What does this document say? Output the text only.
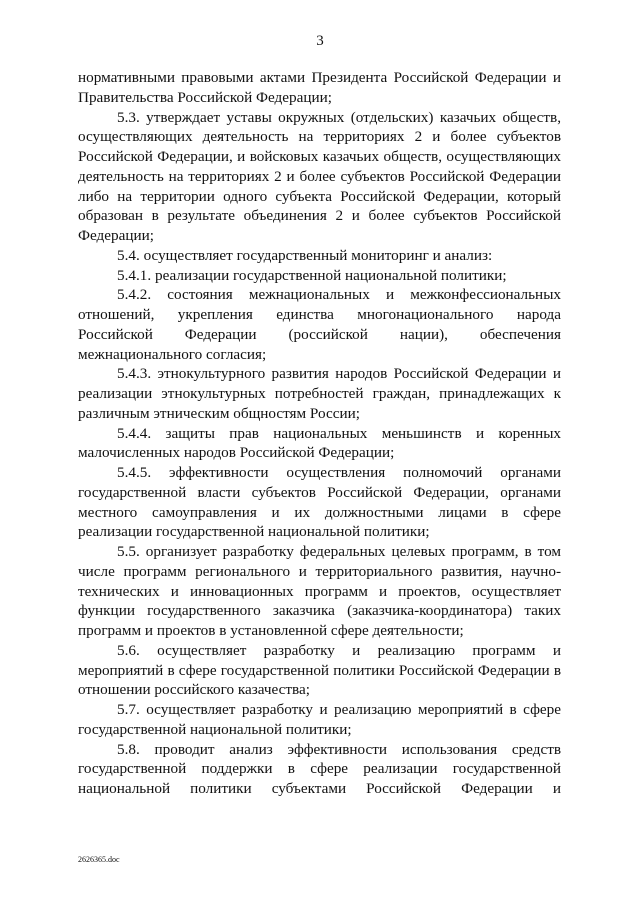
3

нормативными правовыми актами Президента Российской Федерации и Правительства Российской Федерации;

5.3. утверждает уставы окружных (отдельских) казачьих обществ, осуществляющих деятельность на территориях 2 и более субъектов Российской Федерации, и войсковых казачьих обществ, осуществляющих деятельность на территориях 2 и более субъектов Российской Федерации либо на территории одного субъекта Российской Федерации, который образован в результате объединения 2 и более субъектов Российской Федерации;

5.4. осуществляет государственный мониторинг и анализ:

5.4.1. реализации государственной национальной политики;

5.4.2. состояния межнациональных и межконфессиональных отношений, укрепления единства многонационального народа Российской Федерации (российской нации), обеспечения межнационального согласия;

5.4.3. этнокультурного развития народов Российской Федерации и реализации этнокультурных потребностей граждан, принадлежащих к различным этническим общностям России;

5.4.4. защиты прав национальных меньшинств и коренных малочисленных народов Российской Федерации;

5.4.5. эффективности осуществления полномочий органами государственной власти субъектов Российской Федерации, органами местного самоуправления и их должностными лицами в сфере реализации государственной национальной политики;

5.5. организует разработку федеральных целевых программ, в том числе программ регионального и территориального развития, научно-технических и инновационных программ и проектов, осуществляет функции государственного заказчика (заказчика-координатора) таких программ и проектов в установленной сфере деятельности;

5.6. осуществляет разработку и реализацию программ и мероприятий в сфере государственной политики Российской Федерации в отношении российского казачества;

5.7. осуществляет разработку и реализацию мероприятий в сфере государственной национальной политики;

5.8. проводит анализ эффективности использования средств государственной поддержки в сфере реализации государственной национальной политики субъектами Российской Федерации и

2626365.doc
